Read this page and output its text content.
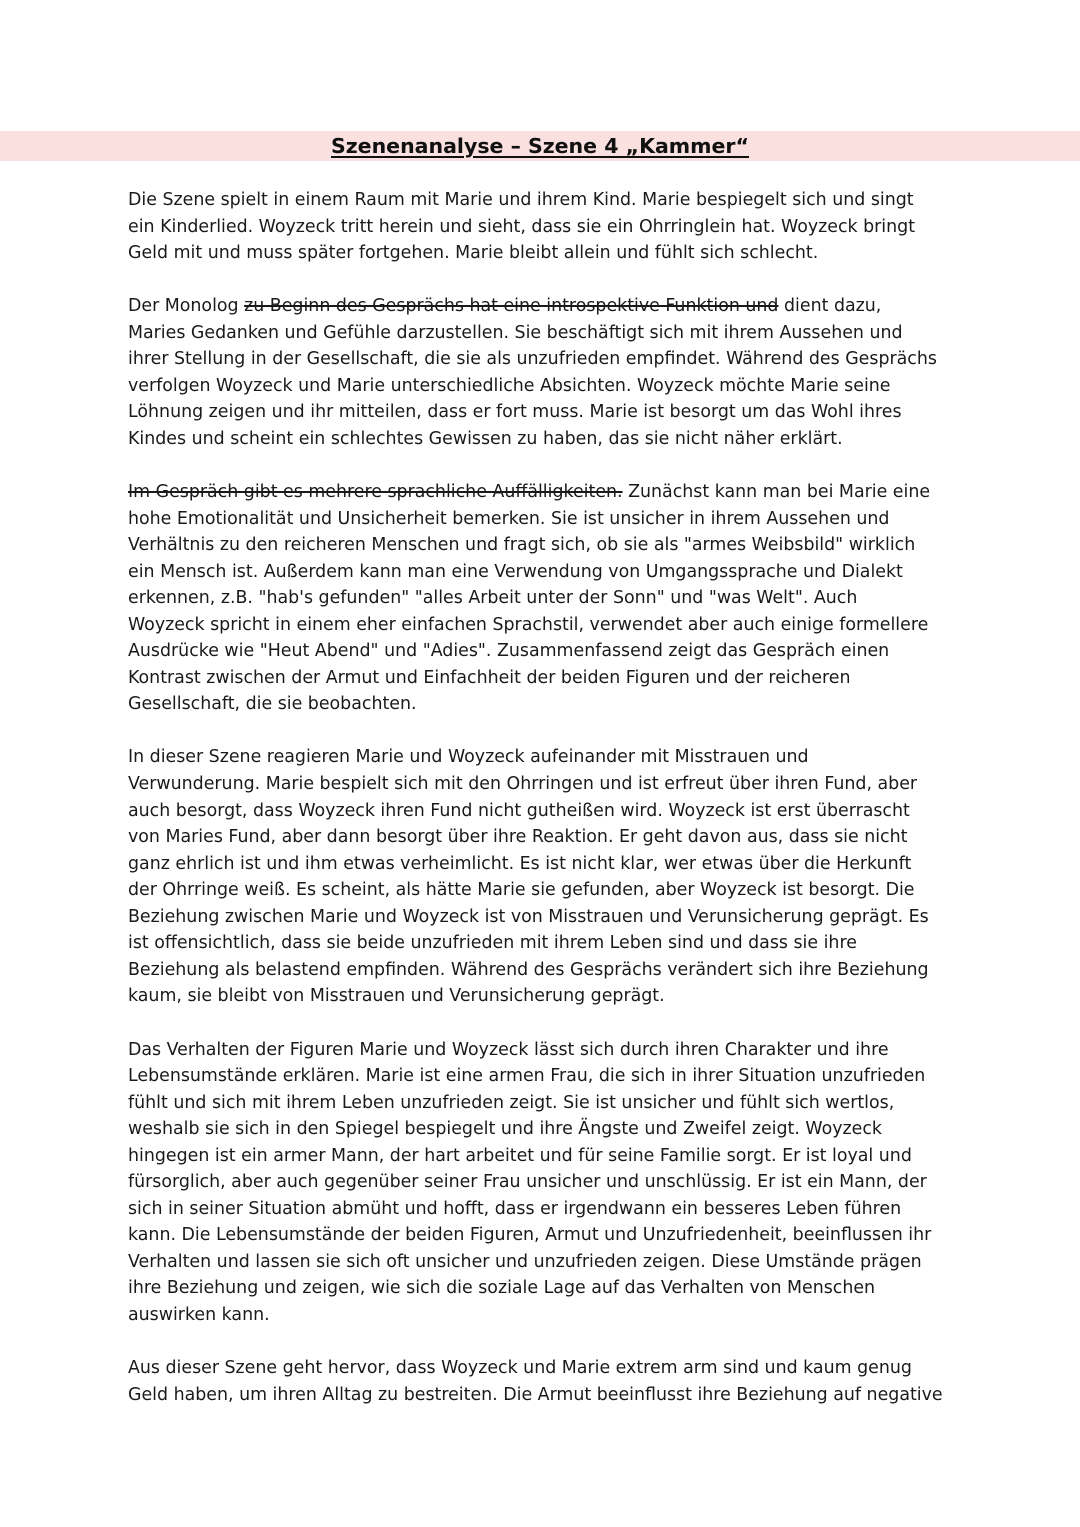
Szenenanalyse – Szene 4 „Kammer“
Die Szene spielt in einem Raum mit Marie und ihrem Kind. Marie bespiegelt sich und singt
ein Kinderlied. Woyzeck tritt herein und sieht, dass sie ein Ohrringlein hat. Woyzeck bringt
Geld mit und muss später fortgehen. Marie bleibt allein und fühlt sich schlecht.
Der Monolog zu Beginn des Gesprächs hat eine introspektive Funktion und dient dazu,
Maries Gedanken und Gefühle darzustellen. Sie beschäftigt sich mit ihrem Aussehen und
ihrer Stellung in der Gesellschaft, die sie als unzufrieden empfindet. Während des Gesprächs
verfolgen Woyzeck und Marie unterschiedliche Absichten. Woyzeck möchte Marie seine
Löhnung zeigen und ihr mitteilen, dass er fort muss. Marie ist besorgt um das Wohl ihres
Kindes und scheint ein schlechtes Gewissen zu haben, das sie nicht näher erklärt.
Im Gespräch gibt es mehrere sprachliche Auffälligkeiten. Zunächst kann man bei Marie eine
hohe Emotionalität und Unsicherheit bemerken. Sie ist unsicher in ihrem Aussehen und
Verhältnis zu den reicheren Menschen und fragt sich, ob sie als "armes Weibsbild" wirklich
ein Mensch ist. Außerdem kann man eine Verwendung von Umgangssprache und Dialekt
erkennen, z.B. "hab's gefunden" "alles Arbeit unter der Sonn" und "was Welt". Auch
Woyzeck spricht in einem eher einfachen Sprachstil, verwendet aber auch einige formellere
Ausdrücke wie "Heut Abend" und "Adies". Zusammenfassend zeigt das Gespräch einen
Kontrast zwischen der Armut und Einfachheit der beiden Figuren und der reicheren
Gesellschaft, die sie beobachten.
In dieser Szene reagieren Marie und Woyzeck aufeinander mit Misstrauen und
Verwunderung. Marie bespielt sich mit den Ohrringen und ist erfreut über ihren Fund, aber
auch besorgt, dass Woyzeck ihren Fund nicht gutheißen wird. Woyzeck ist erst überrascht
von Maries Fund, aber dann besorgt über ihre Reaktion. Er geht davon aus, dass sie nicht
ganz ehrlich ist und ihm etwas verheimlicht. Es ist nicht klar, wer etwas über die Herkunft
der Ohrringe weiß. Es scheint, als hätte Marie sie gefunden, aber Woyzeck ist besorgt. Die
Beziehung zwischen Marie und Woyzeck ist von Misstrauen und Verunsicherung geprägt. Es
ist offensichtlich, dass sie beide unzufrieden mit ihrem Leben sind und dass sie ihre
Beziehung als belastend empfinden. Während des Gesprächs verändert sich ihre Beziehung
kaum, sie bleibt von Misstrauen und Verunsicherung geprägt.
Das Verhalten der Figuren Marie und Woyzeck lässt sich durch ihren Charakter und ihre
Lebensumstände erklären. Marie ist eine armen Frau, die sich in ihrer Situation unzufrieden
fühlt und sich mit ihrem Leben unzufrieden zeigt. Sie ist unsicher und fühlt sich wertlos,
weshalb sie sich in den Spiegel bespiegelt und ihre Ängste und Zweifel zeigt. Woyzeck
hingegen ist ein armer Mann, der hart arbeitet und für seine Familie sorgt. Er ist loyal und
fürsorglich, aber auch gegenüber seiner Frau unsicher und unschlüssig. Er ist ein Mann, der
sich in seiner Situation abmüht und hofft, dass er irgendwann ein besseres Leben führen
kann. Die Lebensumstände der beiden Figuren, Armut und Unzufriedenheit, beeinflussen ihr
Verhalten und lassen sie sich oft unsicher und unzufrieden zeigen. Diese Umstände prägen
ihre Beziehung und zeigen, wie sich die soziale Lage auf das Verhalten von Menschen
auswirken kann.
Aus dieser Szene geht hervor, dass Woyzeck und Marie extrem arm sind und kaum genug
Geld haben, um ihren Alltag zu bestreiten. Die Armut beeinflusst ihre Beziehung auf negative
